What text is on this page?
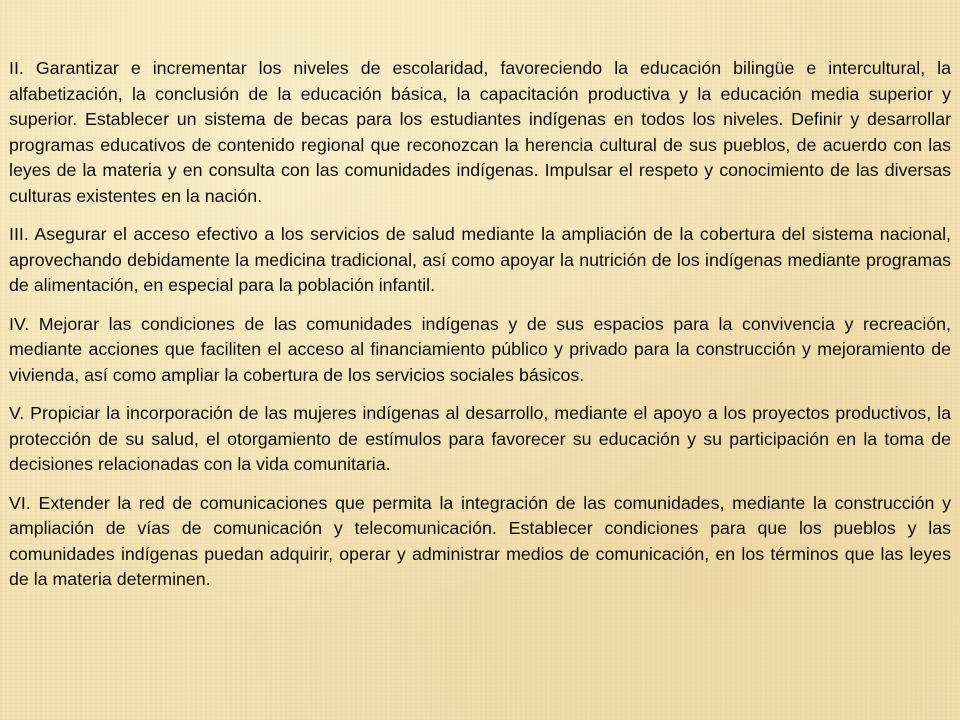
II. Garantizar e incrementar los niveles de escolaridad, favoreciendo la educación bilingüe e intercultural, la alfabetización, la conclusión de la educación básica, la capacitación productiva y la educación media superior y superior. Establecer un sistema de becas para los estudiantes indígenas en todos los niveles. Definir y desarrollar programas educativos de contenido regional que reconozcan la herencia cultural de sus pueblos, de acuerdo con las leyes de la materia y en consulta con las comunidades indígenas. Impulsar el respeto y conocimiento de las diversas culturas existentes en la nación.

III. Asegurar el acceso efectivo a los servicios de salud mediante la ampliación de la cobertura del sistema nacional, aprovechando debidamente la medicina tradicional, así como apoyar la nutrición de los indígenas mediante programas de alimentación, en especial para la población infantil.

IV. Mejorar las condiciones de las comunidades indígenas y de sus espacios para la convivencia y recreación, mediante acciones que faciliten el acceso al financiamiento público y privado para la construcción y mejoramiento de vivienda, así como ampliar la cobertura de los servicios sociales básicos.

V. Propiciar la incorporación de las mujeres indígenas al desarrollo, mediante el apoyo a los proyectos productivos, la protección de su salud, el otorgamiento de estímulos para favorecer su educación y su participación en la toma de decisiones relacionadas con la vida comunitaria.

VI. Extender la red de comunicaciones que permita la integración de las comunidades, mediante la construcción y ampliación de vías de comunicación y telecomunicación. Establecer condiciones para que los pueblos y las comunidades indígenas puedan adquirir, operar y administrar medios de comunicación, en los términos que las leyes de la materia determinen.
